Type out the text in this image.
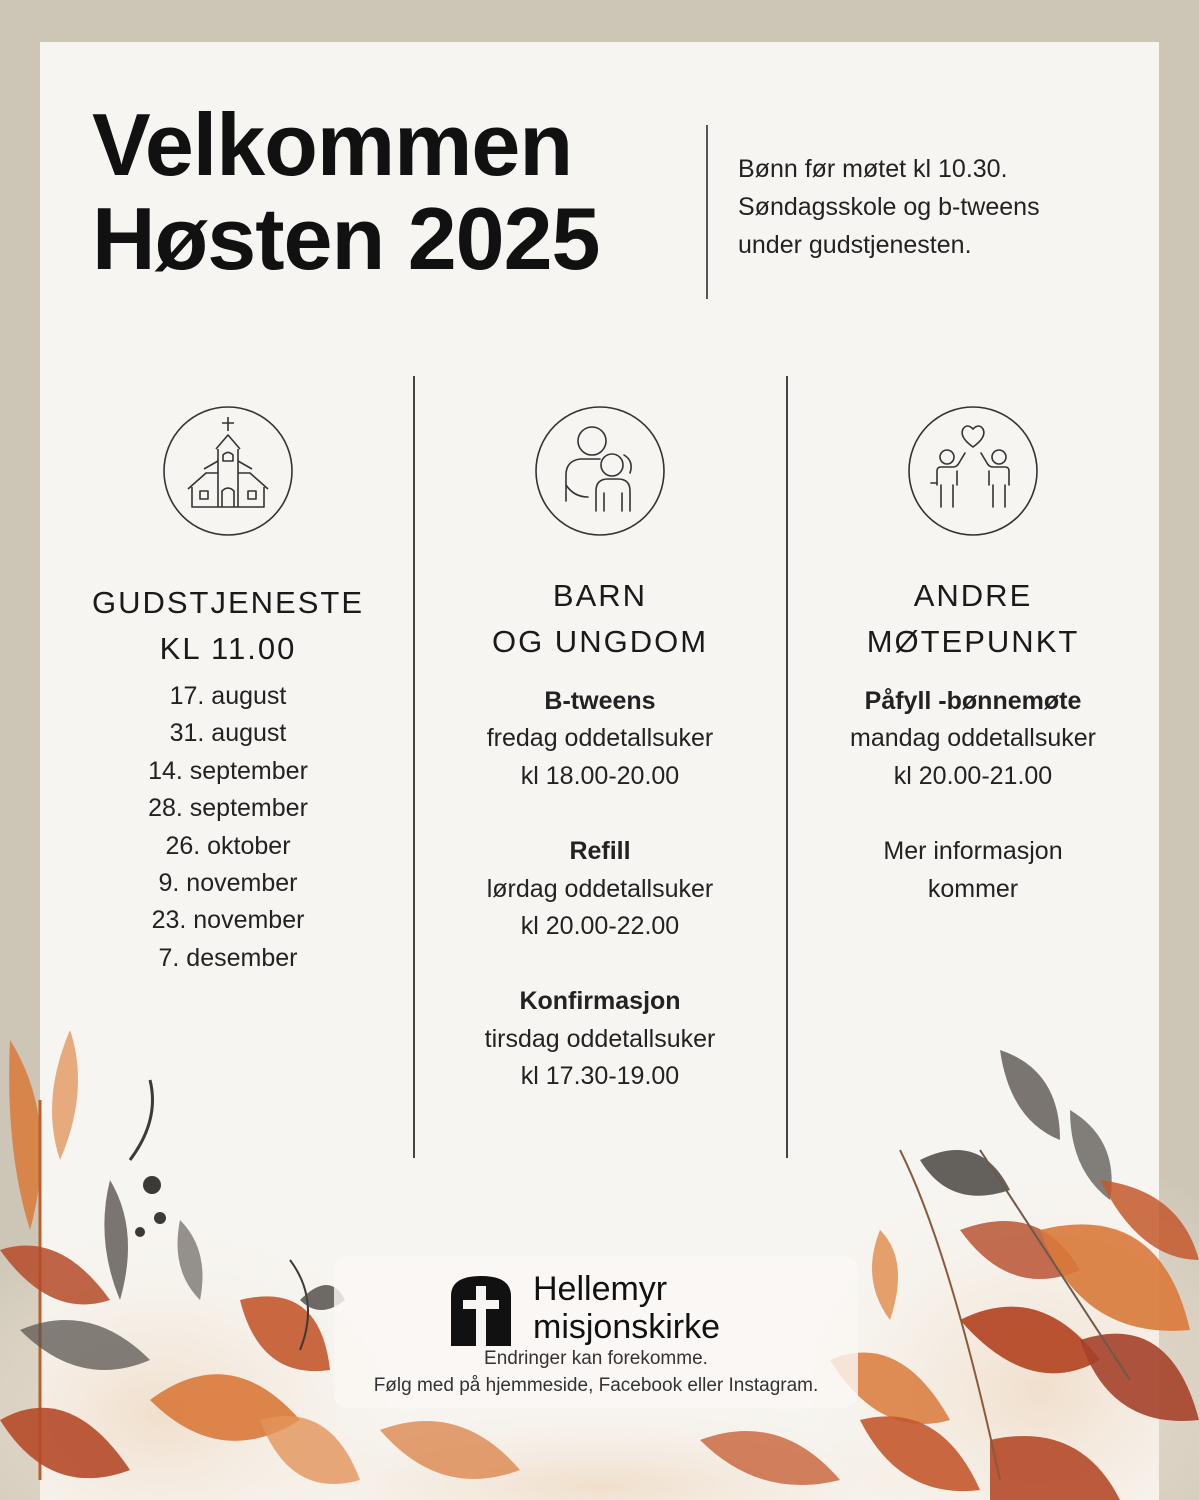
Velkommen
Høsten 2025
Bønn før møtet kl 10.30.
Søndagsskole og b-tweens
under gudstjenesten.
GUDSTJENESTE
KL 11.00
17. august
31. august
14. september
28. september
26. oktober
9. november
23. november
7. desember
BARN
OG UNGDOM
B-tweens
fredag oddetallsuker
kl 18.00-20.00
Refill
lørdag oddetallsuker
kl 20.00-22.00
Konfirmasjon
tirsdag oddetallsuker
kl 17.30-19.00
ANDRE
MØTEPUNKT
Påfyll -bønnemøte
mandag oddetallsuker
kl 20.00-21.00
Mer informasjon
kommer
Hellemyr
misjonskirke
Endringer kan forekomme.
Følg med på hjemmeside, Facebook eller Instagram.
